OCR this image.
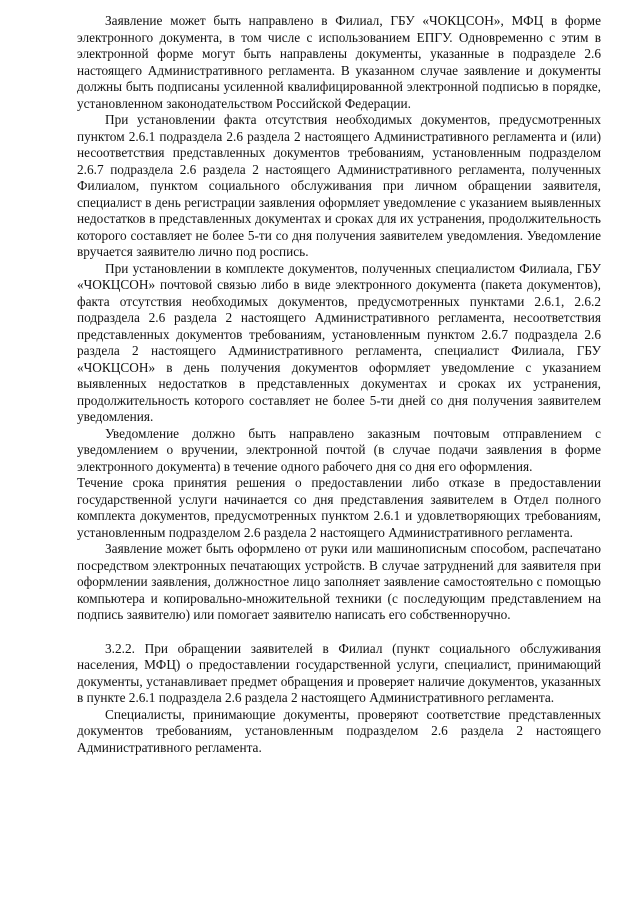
Заявление может быть направлено в Филиал, ГБУ «ЧОКЦСОН», МФЦ в форме электронного документа, в том числе с использованием ЕПГУ. Одновременно с этим в электронной форме могут быть направлены документы, указанные в подразделе 2.6 настоящего Административного регламента. В указанном случае заявление и документы должны быть подписаны усиленной квалифицированной электронной подписью в порядке, установленном законодательством Российской Федерации.

При установлении факта отсутствия необходимых документов, предусмотренных пунктом 2.6.1 подраздела 2.6 раздела 2 настоящего Административного регламента и (или) несоответствия представленных документов требованиям, установленным подразделом 2.6.7 подраздела 2.6 раздела 2 настоящего Административного регламента, полученных Филиалом, пунктом социального обслуживания при личном обращении заявителя, специалист в день регистрации заявления оформляет уведомление с указанием выявленных недостатков в представленных документах и сроках для их устранения, продолжительность которого составляет не более 5-ти со дня получения заявителем уведомления. Уведомление вручается заявителю лично под роспись.

При установлении в комплекте документов, полученных специалистом Филиала, ГБУ «ЧОКЦСОН» почтовой связью либо в виде электронного документа (пакета документов), факта отсутствия необходимых документов, предусмотренных пунктами 2.6.1, 2.6.2 подраздела 2.6 раздела 2 настоящего Административного регламента, несоответствия представленных документов требованиям, установленным пунктом 2.6.7 подраздела 2.6 раздела 2 настоящего Административного регламента, специалист Филиала, ГБУ «ЧОКЦСОН» в день получения документов оформляет уведомление с указанием выявленных недостатков в представленных документах и сроках их устранения, продолжительность которого составляет не более 5-ти дней со дня получения заявителем уведомления.

Уведомление должно быть направлено заказным почтовым отправлением с уведомлением о вручении, электронной почтой (в случае подачи заявления в форме электронного документа) в течение одного рабочего дня со дня его оформления.

Течение срока принятия решения о предоставлении либо отказе в предоставлении государственной услуги начинается со дня представления заявителем в Отдел полного комплекта документов, предусмотренных пунктом 2.6.1 и удовлетворяющих требованиям, установленным подразделом 2.6 раздела 2 настоящего Административного регламента.

Заявление может быть оформлено от руки или машинописным способом, распечатано посредством электронных печатающих устройств. В случае затруднений для заявителя при оформлении заявления, должностное лицо заполняет заявление самостоятельно с помощью компьютера и копировально-множительной техники (с последующим представлением на подпись заявителю) или помогает заявителю написать его собственноручно.

3.2.2. При обращении заявителей в Филиал (пункт социального обслуживания населения, МФЦ) о предоставлении государственной услуги, специалист, принимающий документы, устанавливает предмет обращения и проверяет наличие документов, указанных в пункте 2.6.1 подраздела 2.6 раздела 2 настоящего Административного регламента.

Специалисты, принимающие документы, проверяют соответствие представленных документов требованиям, установленным подразделом 2.6 раздела 2 настоящего Административного регламента.
